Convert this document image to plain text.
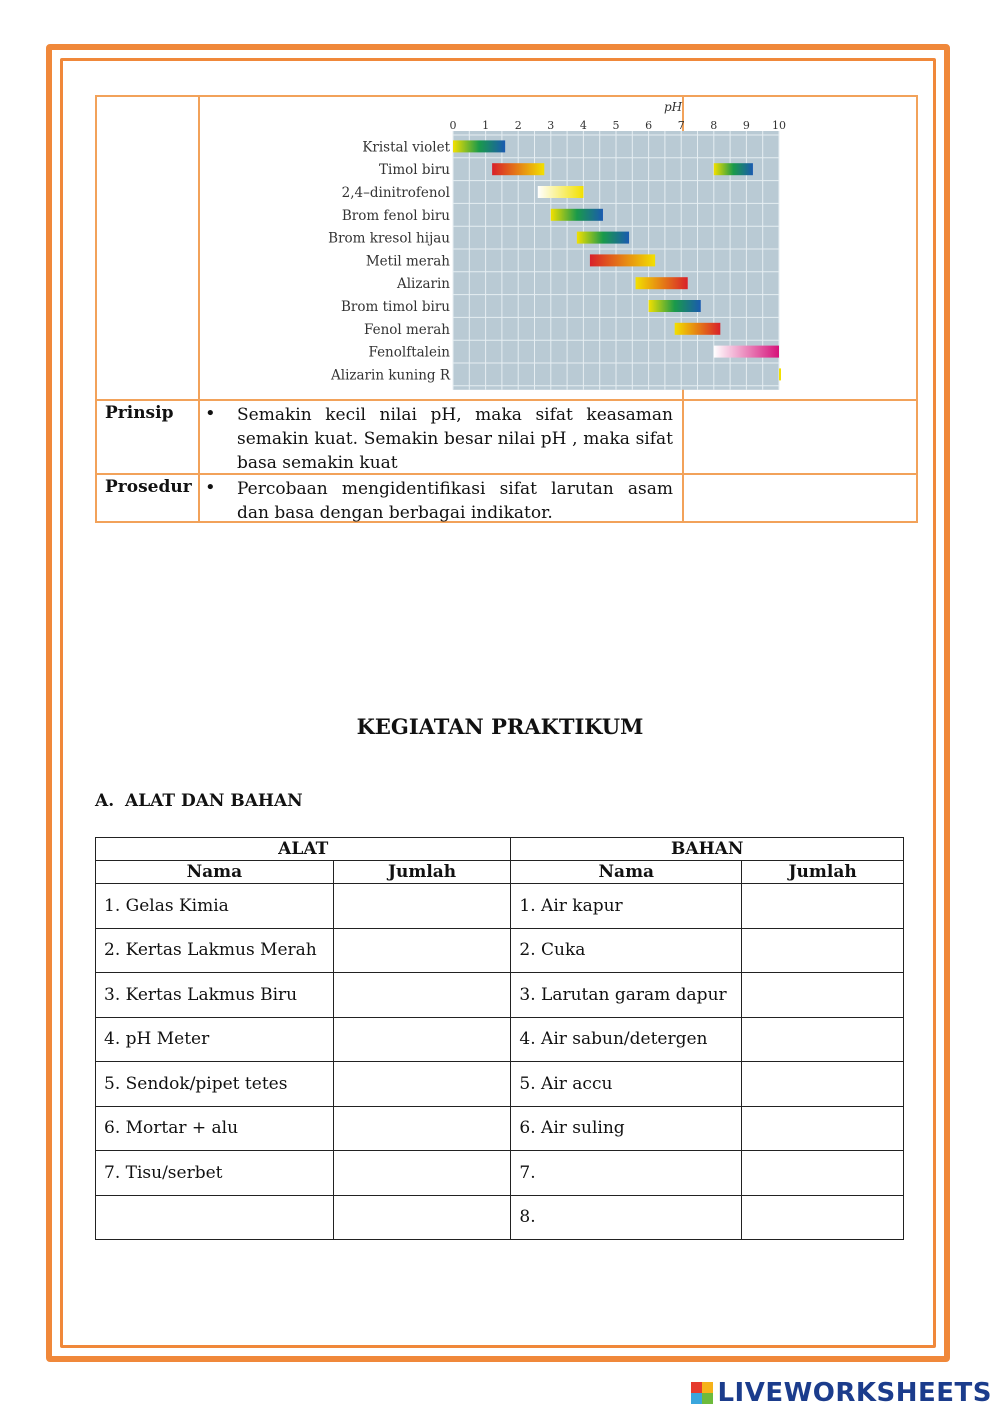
pH
0 1 2 3 4 5 6 7 8 9 10
Kristal violet
Timol biru
2,4–dinitrofenol
Brom fenol biru
Brom kresol hijau
Metil merah
Alizarin
Brom timol biru
Fenol merah
Fenolftalein
Alizarin kuning R
Prinsip • Semakin kecil nilai pH, maka sifat keasaman semakin kuat. Semakin besar nilai pH , maka sifat basa semakin kuat
Prosedur • Percobaan mengidentifikasi sifat larutan asam dan basa dengan berbagai indikator.
KEGIATAN PRAKTIKUM
A. ALAT DAN BAHAN
ALAT		BAHAN	
Nama	Jumlah	Nama	Jumlah
1. Gelas Kimia		1. Air kapur	
2. Kertas Lakmus Merah		2. Cuka	
3. Kertas Lakmus Biru		3. Larutan garam dapur	
4. pH Meter		4. Air sabun/detergen	
5. Sendok/pipet tetes		5. Air accu	
6. Mortar + alu		6. Air suling	
7. Tisu/serbet		7.	
		8.	
LIVEWORKSHEETS
